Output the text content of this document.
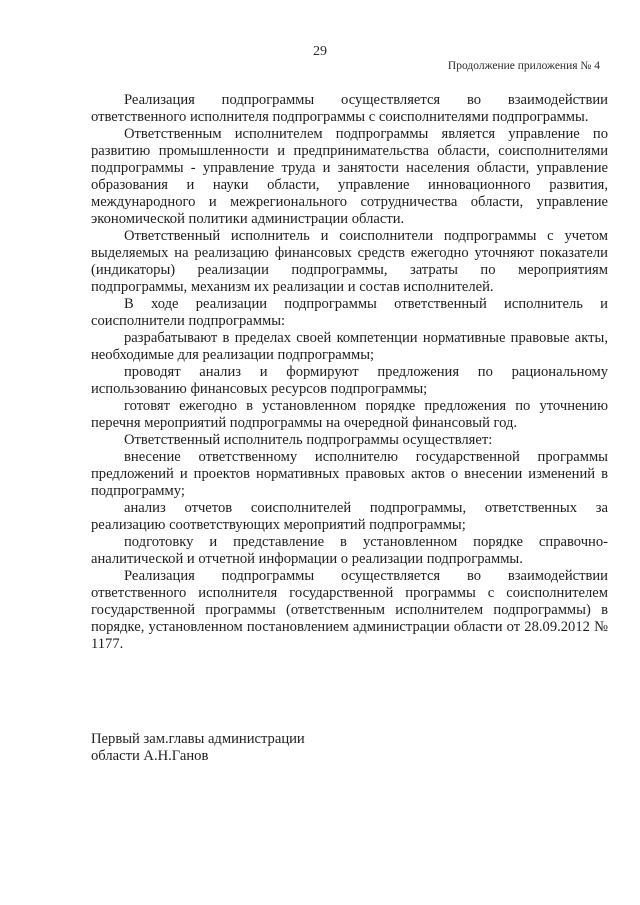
29
Продолжение приложения № 4

Реализация подпрограммы осуществляется во взаимодействии ответственного исполнителя подпрограммы с соисполнителями подпрограммы.

Ответственным исполнителем подпрограммы является управление по развитию промышленности и предпринимательства области, соисполнителями подпрограммы - управление труда и занятости населения области, управление образования и науки области, управление инновационного развития, международного и межрегионального сотрудничества области, управление экономической политики администрации области.

Ответственный исполнитель и соисполнители подпрограммы с учетом выделяемых на реализацию финансовых средств ежегодно уточняют показатели (индикаторы) реализации подпрограммы, затраты по мероприятиям подпрограммы, механизм их реализации и состав исполнителей.

В ходе реализации подпрограммы ответственный исполнитель и соисполнители подпрограммы:

разрабатывают в пределах своей компетенции нормативные правовые акты, необходимые для реализации подпрограммы;

проводят анализ и формируют предложения по рациональному использованию финансовых ресурсов подпрограммы;

готовят ежегодно в установленном порядке предложения по уточнению перечня мероприятий подпрограммы на очередной финансовый год.

Ответственный исполнитель подпрограммы осуществляет:

внесение ответственному исполнителю государственной программы предложений и проектов нормативных правовых актов о внесении изменений в подпрограмму;

анализ отчетов соисполнителей подпрограммы, ответственных за реализацию соответствующих мероприятий подпрограммы;

подготовку и представление в установленном порядке справочно-аналитической и отчетной информации о реализации подпрограммы.

Реализация подпрограммы осуществляется во взаимодействии ответственного исполнителя государственной программы с соисполнителем государственной программы (ответственным исполнителем подпрограммы) в порядке, установленном постановлением администрации области от 28.09.2012 № 1177.

Первый зам.главы администрации
области А.Н.Ганов
